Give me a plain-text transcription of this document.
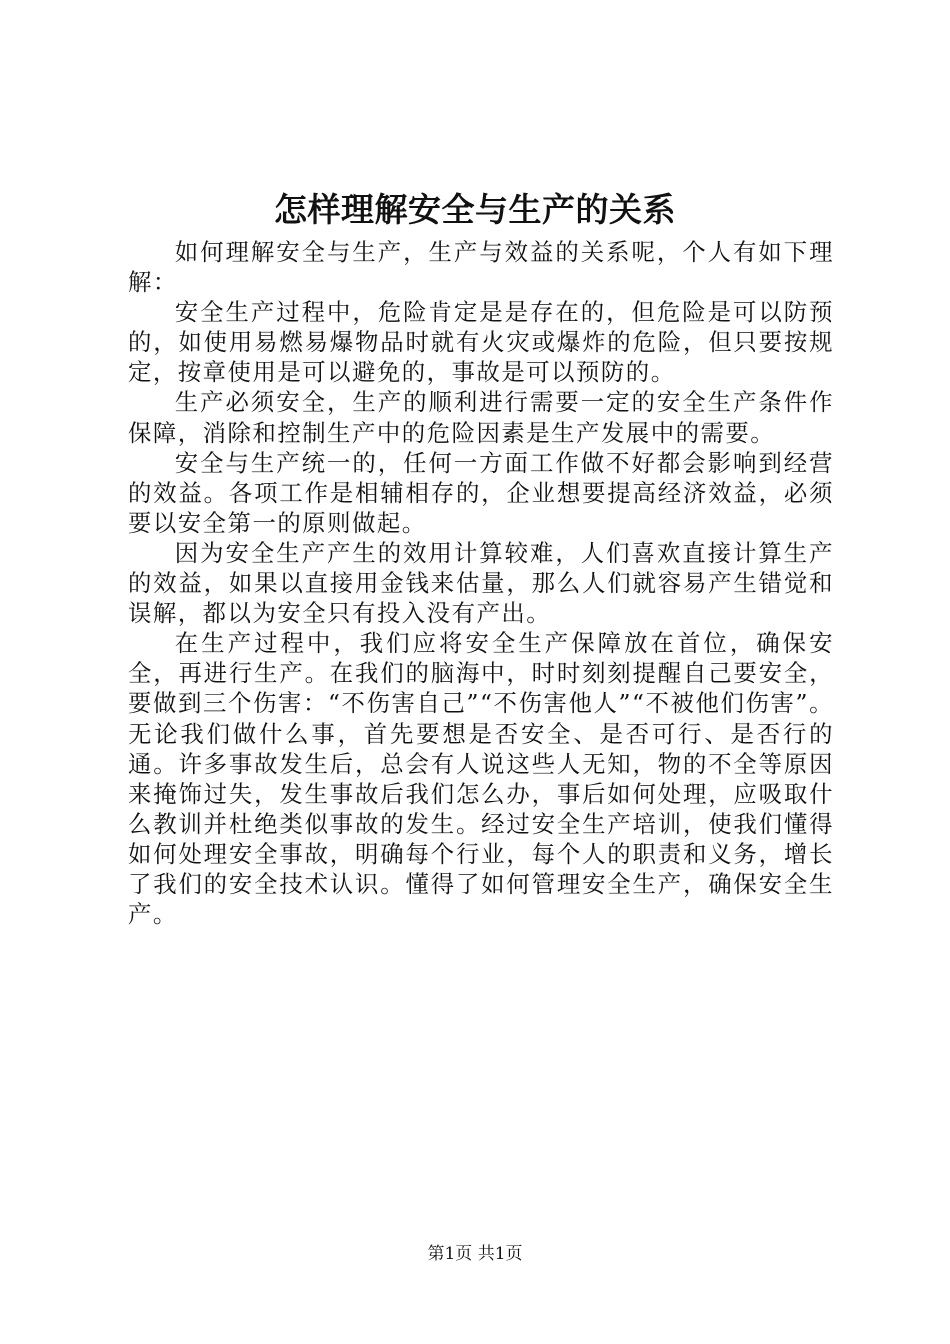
怎样理解安全与生产的关系

如何理解安全与生产，生产与效益的关系呢，个人有如下理解：

安全生产过程中，危险肯定是是存在的，但危险是可以防预的，如使用易燃易爆物品时就有火灾或爆炸的危险，但只要按规定，按章使用是可以避免的，事故是可以预防的。

生产必须安全，生产的顺利进行需要一定的安全生产条件作保障，消除和控制生产中的危险因素是生产发展中的需要。

安全与生产统一的，任何一方面工作做不好都会影响到经营的效益。各项工作是相辅相存的，企业想要提高经济效益，必须要以安全第一的原则做起。

因为安全生产产生的效用计算较难，人们喜欢直接计算生产的效益，如果以直接用金钱来估量，那么人们就容易产生错觉和误解，都以为安全只有投入没有产出。

在生产过程中，我们应将安全生产保障放在首位，确保安全，再进行生产。在我们的脑海中，时时刻刻提醒自己要安全，要做到三个伤害：“不伤害自己”“不伤害他人”“不被他们伤害”。无论我们做什么事，首先要想是否安全、是否可行、是否行的通。许多事故发生后，总会有人说这些人无知，物的不全等原因来掩饰过失，发生事故后我们怎么办，事后如何处理，应吸取什么教训并杜绝类似事故的发生。经过安全生产培训，使我们懂得如何处理安全事故，明确每个行业，每个人的职责和义务，增长了我们的安全技术认识。懂得了如何管理安全生产，确保安全生产。

第1页 共1页
